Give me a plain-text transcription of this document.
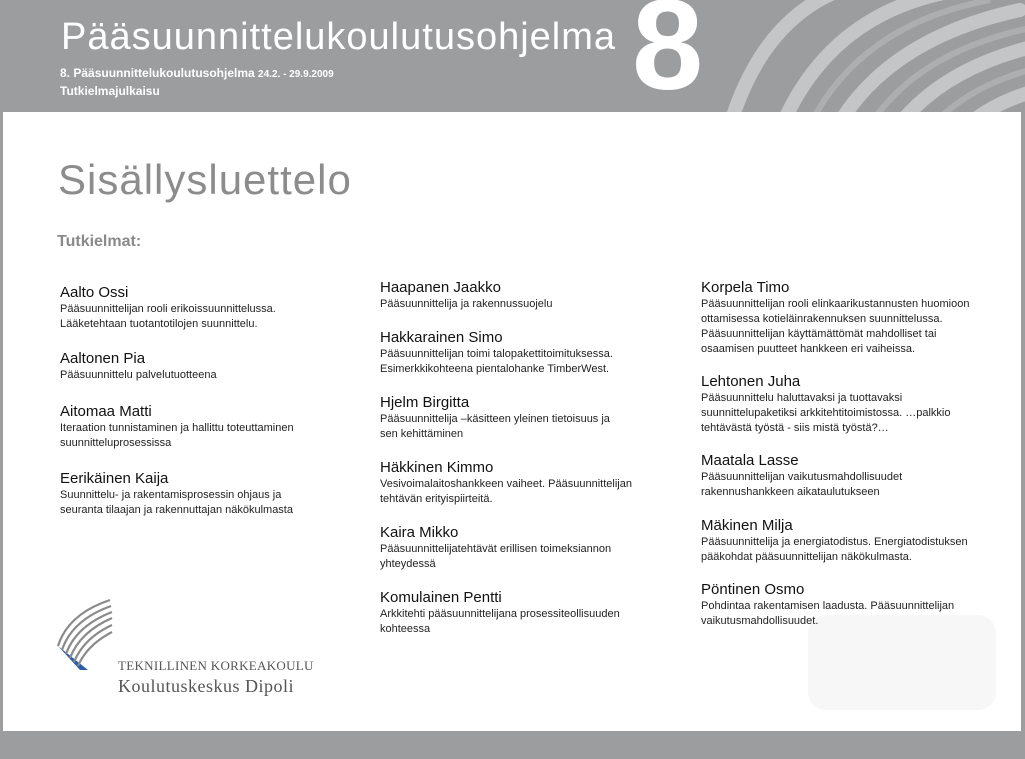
Pääsuunnittelukoulutusohjelma 8
8. Pääsuunnittelukoulutusohjelma 24.2. - 29.9.2009
Tutkielmajulkaisu
Sisällysluettelo
Tutkielmat:
Aalto Ossi
Pääsuunnittelijan rooli erikoissuunnittelussa.
Lääketehtaan tuotantotilojen suunnittelu.
Aaltonen Pia
Pääsuunnittelu palvelutuotteena
Aitomaa Matti
Iteraation tunnistaminen ja hallittu toteuttaminen
suunnitteluprosessissa
Eerikäinen Kaija
Suunnittelu- ja rakentamisprosessin ohjaus ja
seuranta tilaajan ja rakennuttajan näkökulmasta
Haapanen Jaakko
Pääsuunnittelija ja rakennussuojelu
Hakkarainen Simo
Pääsuunnittelijan toimi talopakettitoimituksessa.
Esimerkkikohteena pientalohanke TimberWest.
Hjelm Birgitta
Pääsuunnittelija –käsitteen yleinen tietoisuus ja
sen kehittäminen
Häkkinen Kimmo
Vesivoimalaitoshankkeen vaiheet. Pääsuunnittelijan
tehtävän erityispiirteitä.
Kaira Mikko
Pääsuunnittelijatehtävät erillisen toimeksiannon
yhteydessä
Komulainen Pentti
Arkkitehti pääsuunnittelijana prosessiteollisuuden
kohteessa
Korpela Timo
Pääsuunnittelijan rooli elinkaarikustannusten huomioon
ottamisessa kotieläinrakennuksen suunnittelussa.
Pääsuunnittelijan käyttämättömät mahdolliset tai
osaamisen puutteet hankkeen eri vaiheissa.
Lehtonen Juha
Pääsuunnittelu haluttavaksi ja tuottavaksi
suunnittelupaketiksi arkkitehtitoimistossa. …palkkio
tehtävästä työstä - siis mistä työstä?…
Maatala Lasse
Pääsuunnittelijan vaikutusmahdollisuudet
rakennushankkeen aikataulutukseen
Mäkinen Milja
Pääsuunnittelija ja energiatodistus. Energiatodistuksen
pääkohdat pääsuunnittelijan näkökulmasta.
Pöntinen Osmo
Pohdintaa rakentamisen laadusta. Pääsuunnittelijan
vaikutusmahdollisuudet.
TEKNILLINEN KORKEAKOULU
Koulutuskeskus Dipoli
